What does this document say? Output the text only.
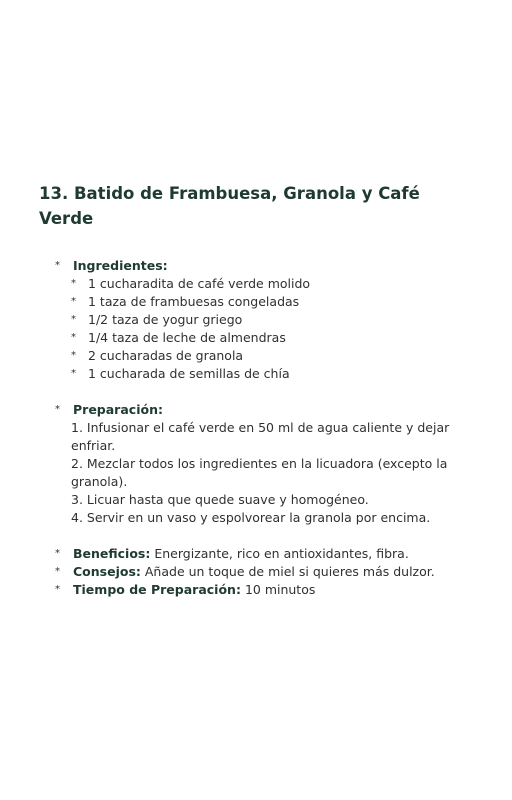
13. Batido de Frambuesa, Granola y Café Verde
*	Ingredientes:
* 1 cucharadita de café verde molido
* 1 taza de frambuesas congeladas
* 1/2 taza de yogur griego
* 1/4 taza de leche de almendras
* 2 cucharadas de granola
* 1 cucharada de semillas de chía
*	Preparación:
1. Infusionar el café verde en 50 ml de agua caliente y dejar enfriar.
2. Mezclar todos los ingredientes en la licuadora (excepto la granola).
3. Licuar hasta que quede suave y homogéneo.
4. Servir en un vaso y espolvorear la granola por encima.
*	Beneficios: Energizante, rico en antioxidantes, fibra.
*	Consejos: Añade un toque de miel si quieres más dulzor.
*	Tiempo de Preparación: 10 minutos
